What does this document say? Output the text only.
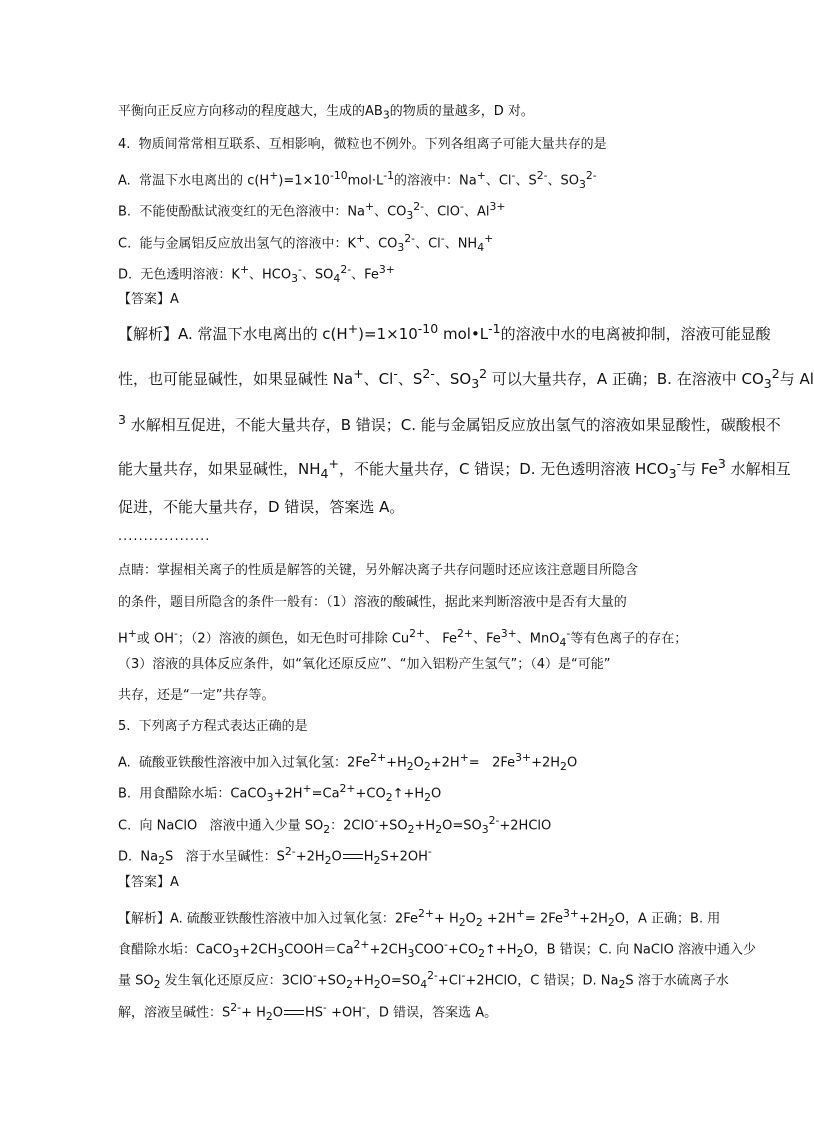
平衡向正反应方向移动的程度越大，生成的$AB_3$的物质的量越多，D 对。
4.  物质间常常相互联系、互相影响，微粒也不例外。下列各组离子可能大量共存的是
A.  常温下水电离出的 $c(H^+)=1\times 10^{-10}mol\cdot L^{-1}$的溶液中：Na+、Cl-、$S^{2-}$、$SO_3^{2-}$
B.  不能使酚酞试液变红的无色溶液中：Na+、$CO_3^{2-}$、ClO-、$Al^{3+}$
C.  能与金属铝反应放出氢气的溶液中：K+、$CO_3^{2-}$、Cl-、$NH_4^+$
D.  无色透明溶液：K+、$HCO_3^-$、$SO_4^{2-}$、$Fe^{3+}$
【答案】A
【解析】A. 常温下水电离出的 $c(H^+)=1\times 10^{-10}$ $mol•L^{-1}$的溶液中水的电离被抑制，溶液可能显酸
性，也可能显碱性，如果显碱性 Na+、Cl-、$S^{2-}$、$SO_3^2$ 可以大量共存，A 正确；B. 在溶液中 $CO_3^2$与 Al
$^3$ 水解相互促进，不能大量共存，B 错误；C. 能与金属铝反应放出氢气的溶液如果显酸性，碳酸根不
能大量共存，如果显碱性，$NH_4^+$，不能大量共存，C 错误；D. 无色透明溶液 $HCO_3^-$与 Fe$^3$ 水解相互
促进，不能大量共存，D 错误，答案选 A。
··················
点睛：掌握相关离子的性质是解答的关键，另外解决离子共存问题时还应该注意题目所隐含
的条件，题目所隐含的条件一般有：（1）溶液的酸碱性，据此来判断溶液中是否有大量的
H+或 OH-；（2）溶液的颜色，如无色时可排除 $Cu^{2+}$、 $Fe^{2+}$、$Fe^{3+}$、MnO$_4$-等有色离子的存在；
（3）溶液的具体反应条件，如“氧化还原反应”、“加入铝粉产生氢气”；（4）是“可能”
共存，还是“一定”共存等。
5.  下列离子方程式表达正确的是
A.  硫酸亚铁酸性溶液中加入过氧化氢：$2Fe^{2+}+H_2O_2+2H^+= 2Fe^{3+}+2H_2O$
B.  用食醋除水垢：$CaCO_3+2H^+=Ca^{2+}+CO_2↑+H_2O$
C.  向 NaClO   溶液中通入少量 $SO_2$：$2ClO^-+SO_2+H_2O=SO_3^{2-}+2HClO$
D.  $Na_2S$   溶于水呈碱性：$S^{2-}+2H_2O$ $H_2S+2OH^-$
【答案】A
【解析】A. 硫酸亚铁酸性溶液中加入过氧化氢：$2Fe^{2+}+ H_2O_2 +2H^+= 2Fe^{3+}+2H_2O$，A 正确；B. 用
食醋除水垢：$CaCO_3+2CH_3COOH=Ca^{2+}+2CH_3COO^-+CO_2↑+H_2O$，B 错误；C. 向 NaClO 溶液中通入少
量 $SO_2$ 发生氧化还原反应：$3ClO^-+SO_2+H_2O=SO_4^{2-}+Cl^-+2HClO$，C 错误；D. $Na_2S$ 溶于水硫离子水
解，溶液呈碱性：$S^{2-}+ H_2O$ HS- +OH-，D 错误，答案选 A。
